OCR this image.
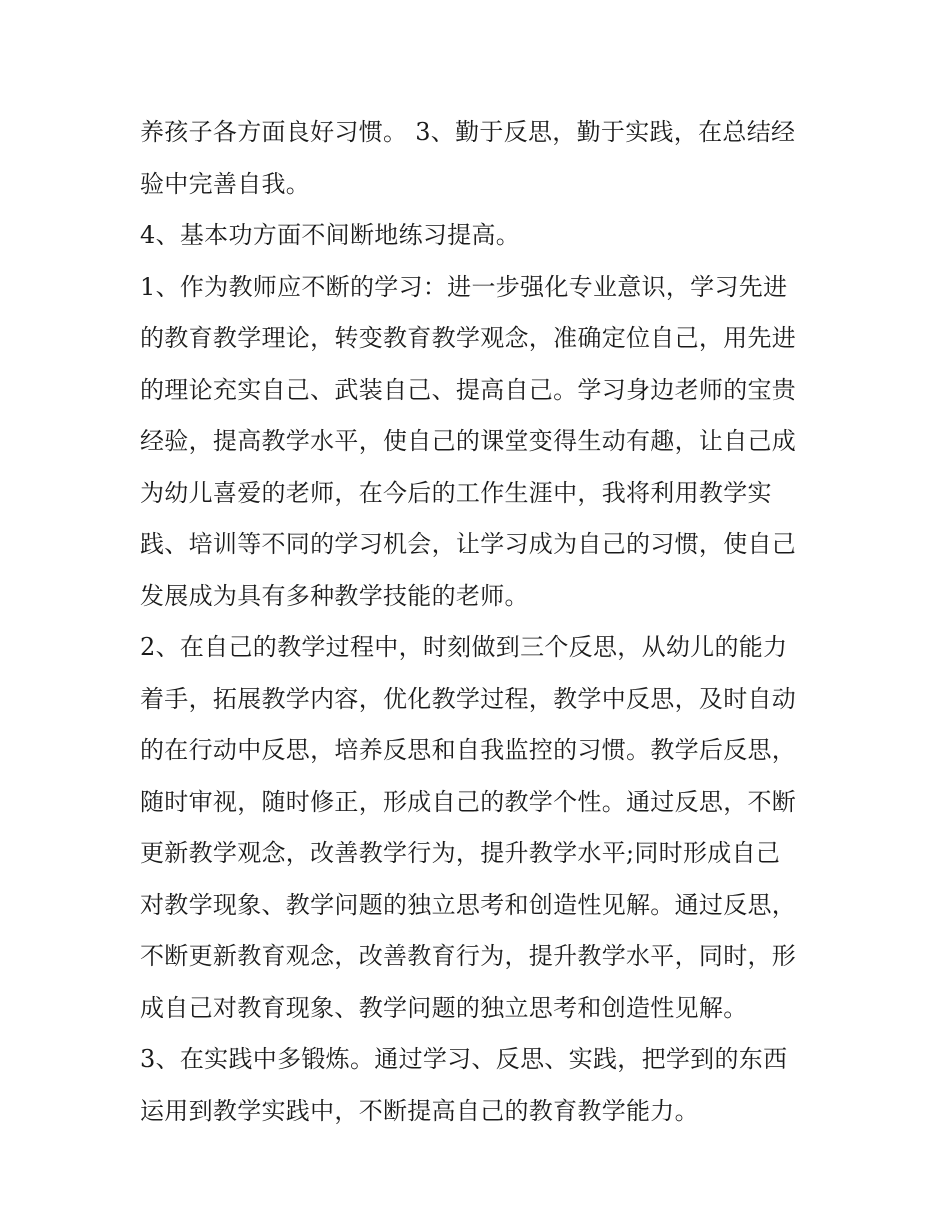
养孩子各方面良好习惯。 3、勤于反思，勤于实践，在总结经
验中完善自我。
4、基本功方面不间断地练习提高。
1、作为教师应不断的学习：进一步强化专业意识，学习先进
的教育教学理论，转变教育教学观念，准确定位自己，用先进
的理论充实自己、武装自己、提高自己。学习身边老师的宝贵
经验，提高教学水平，使自己的课堂变得生动有趣，让自己成
为幼儿喜爱的老师，在今后的工作生涯中，我将利用教学实
践、培训等不同的学习机会，让学习成为自己的习惯，使自己
发展成为具有多种教学技能的老师。
2、在自己的教学过程中，时刻做到三个反思，从幼儿的能力
着手，拓展教学内容，优化教学过程，教学中反思，及时自动
的在行动中反思，培养反思和自我监控的习惯。教学后反思，
随时审视，随时修正，形成自己的教学个性。通过反思，不断
更新教学观念，改善教学行为，提升教学水平;同时形成自己
对教学现象、教学问题的独立思考和创造性见解。通过反思，
不断更新教育观念，改善教育行为，提升教学水平，同时，形
成自己对教育现象、教学问题的独立思考和创造性见解。
3、在实践中多锻炼。通过学习、反思、实践，把学到的东西
运用到教学实践中，不断提高自己的教育教学能力。
